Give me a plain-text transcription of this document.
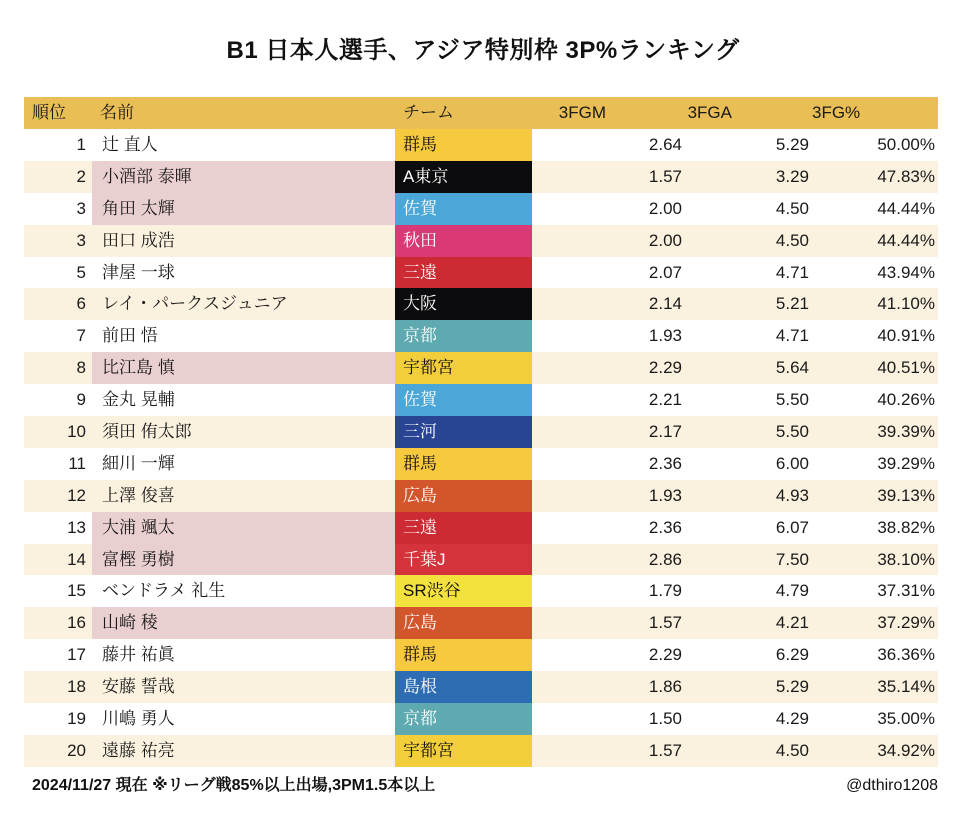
B1 日本人選手、アジア特別枠 3P%ランキング
順位	名前	チーム	3FGM	3FGA	3FG%
1 辻 直人	群馬	2.64	5.29	50.00%
2 小酒部 泰暉	A東京	1.57	3.29	47.83%
3 角田 太輝	佐賀	2.00	4.50	44.44%
3 田口 成浩	秋田	2.00	4.50	44.44%
5 津屋 一球	三遠	2.07	4.71	43.94%
6 レイ・パークスジュニア	大阪	2.14	5.21	41.10%
7 前田 悟	京都	1.93	4.71	40.91%
8 比江島 慎	宇都宮	2.29	5.64	40.51%
9 金丸 晃輔	佐賀	2.21	5.50	40.26%
10 須田 侑太郎	三河	2.17	5.50	39.39%
11 細川 一輝	群馬	2.36	6.00	39.29%
12 上澤 俊喜	広島	1.93	4.93	39.13%
13 大浦 颯太	三遠	2.36	6.07	38.82%
14 富樫 勇樹	千葉J	2.86	7.50	38.10%
15 ベンドラメ 礼生	SR渋谷	1.79	4.79	37.31%
16 山崎 稜	広島	1.57	4.21	37.29%
17 藤井 祐眞	群馬	2.29	6.29	36.36%
18 安藤 誓哉	島根	1.86	5.29	35.14%
19 川嶋 勇人	京都	1.50	4.29	35.00%
20 遠藤 祐亮	宇都宮	1.57	4.50	34.92%
2024/11/27 現在 ※リーグ戦85%以上出場,3PM1.5本以上	@dthiro1208
